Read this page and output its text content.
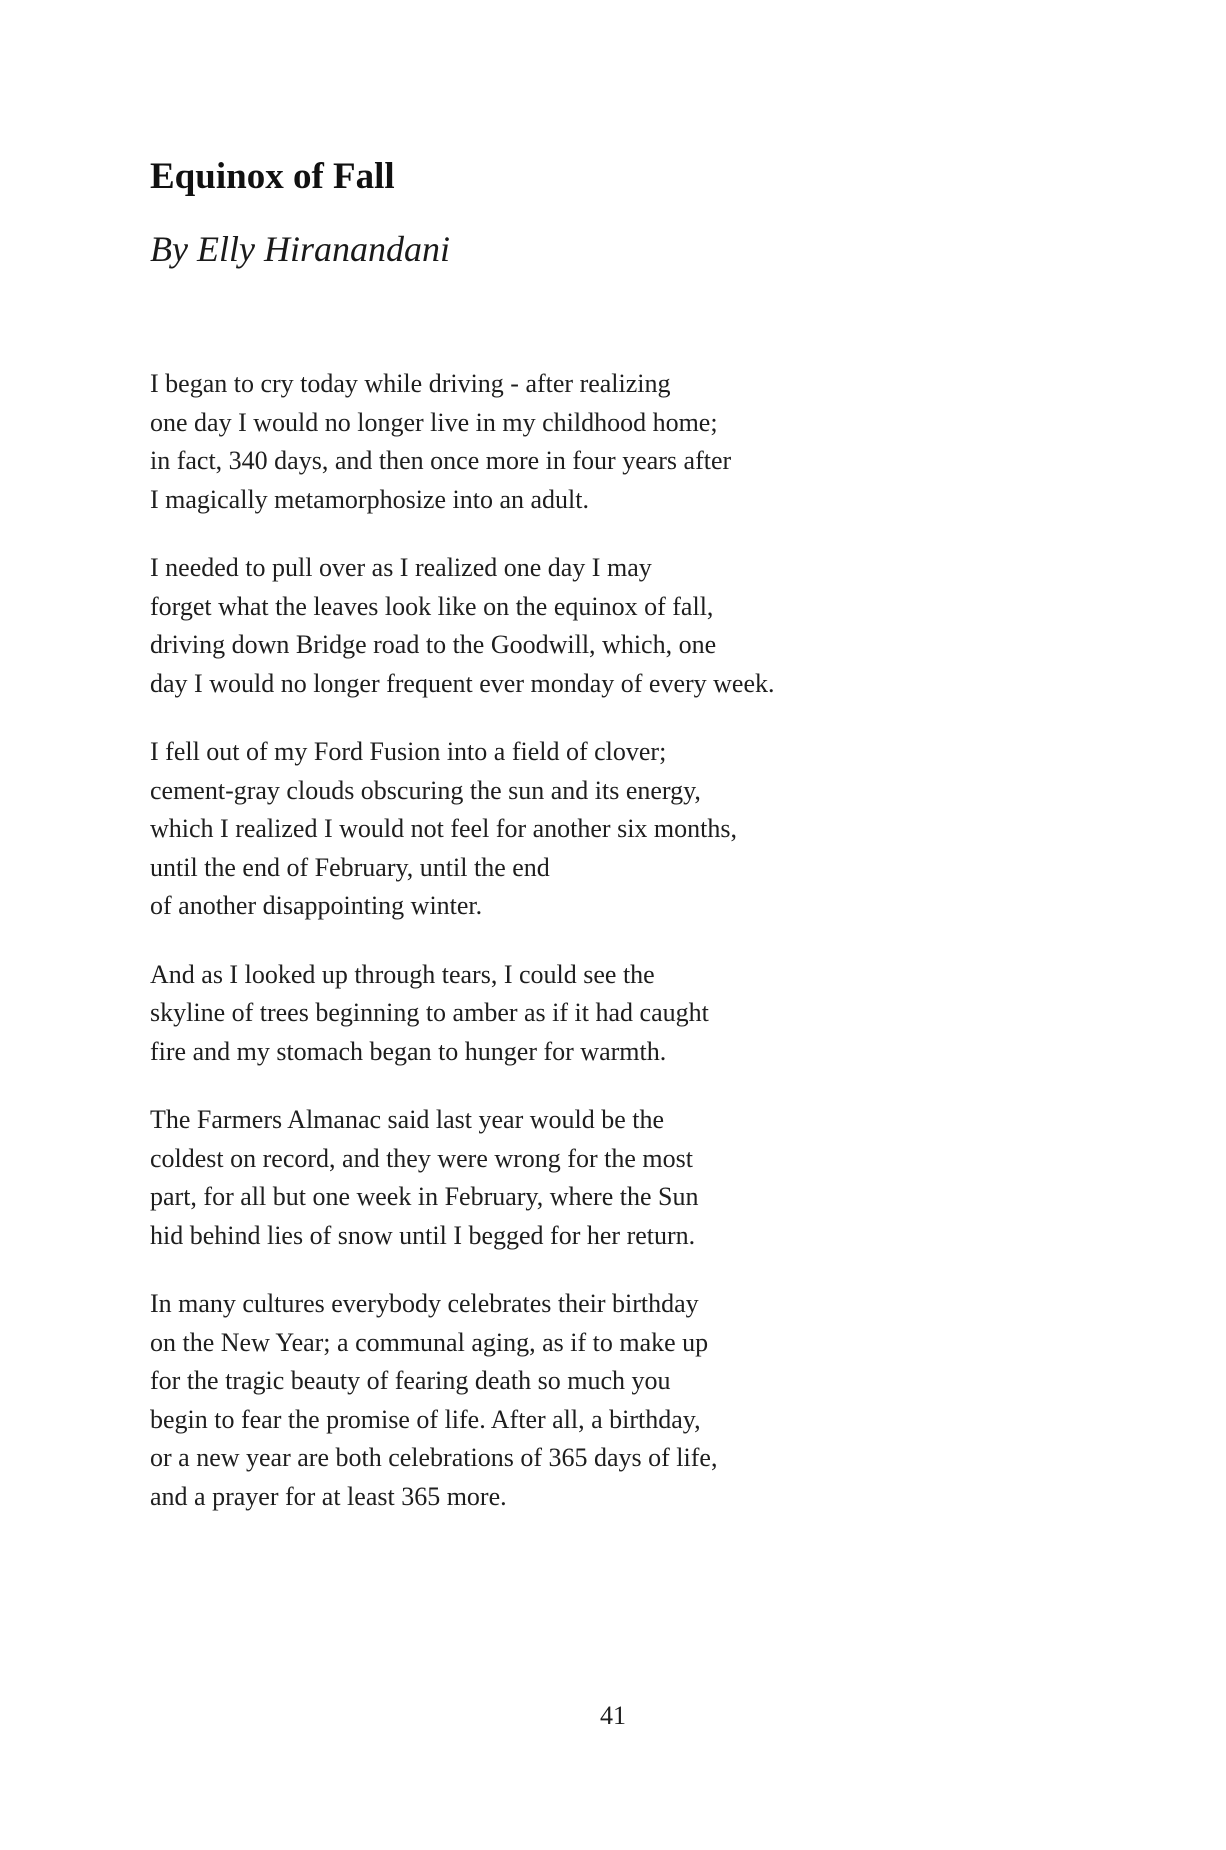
Equinox of Fall

By Elly Hiranandani

I began to cry today while driving - after realizing
one day I would no longer live in my childhood home;
in fact, 340 days, and then once more in four years after
I magically metamorphosize into an adult.

I needed to pull over as I realized one day I may
forget what the leaves look like on the equinox of fall,
driving down Bridge road to the Goodwill, which, one
day I would no longer frequent ever monday of every week.

I fell out of my Ford Fusion into a field of clover;
cement-gray clouds obscuring the sun and its energy,
which I realized I would not feel for another six months,
until the end of February, until the end
of another disappointing winter.

And as I looked up through tears, I could see the
skyline of trees beginning to amber as if it had caught
fire and my stomach began to hunger for warmth.

The Farmers Almanac said last year would be the
coldest on record, and they were wrong for the most
part, for all but one week in February, where the Sun
hid behind lies of snow until I begged for her return.

In many cultures everybody celebrates their birthday
on the New Year; a communal aging, as if to make up
for the tragic beauty of fearing death so much you
begin to fear the promise of life. After all, a birthday,
or a new year are both celebrations of 365 days of life,
and a prayer for at least 365 more.

41
